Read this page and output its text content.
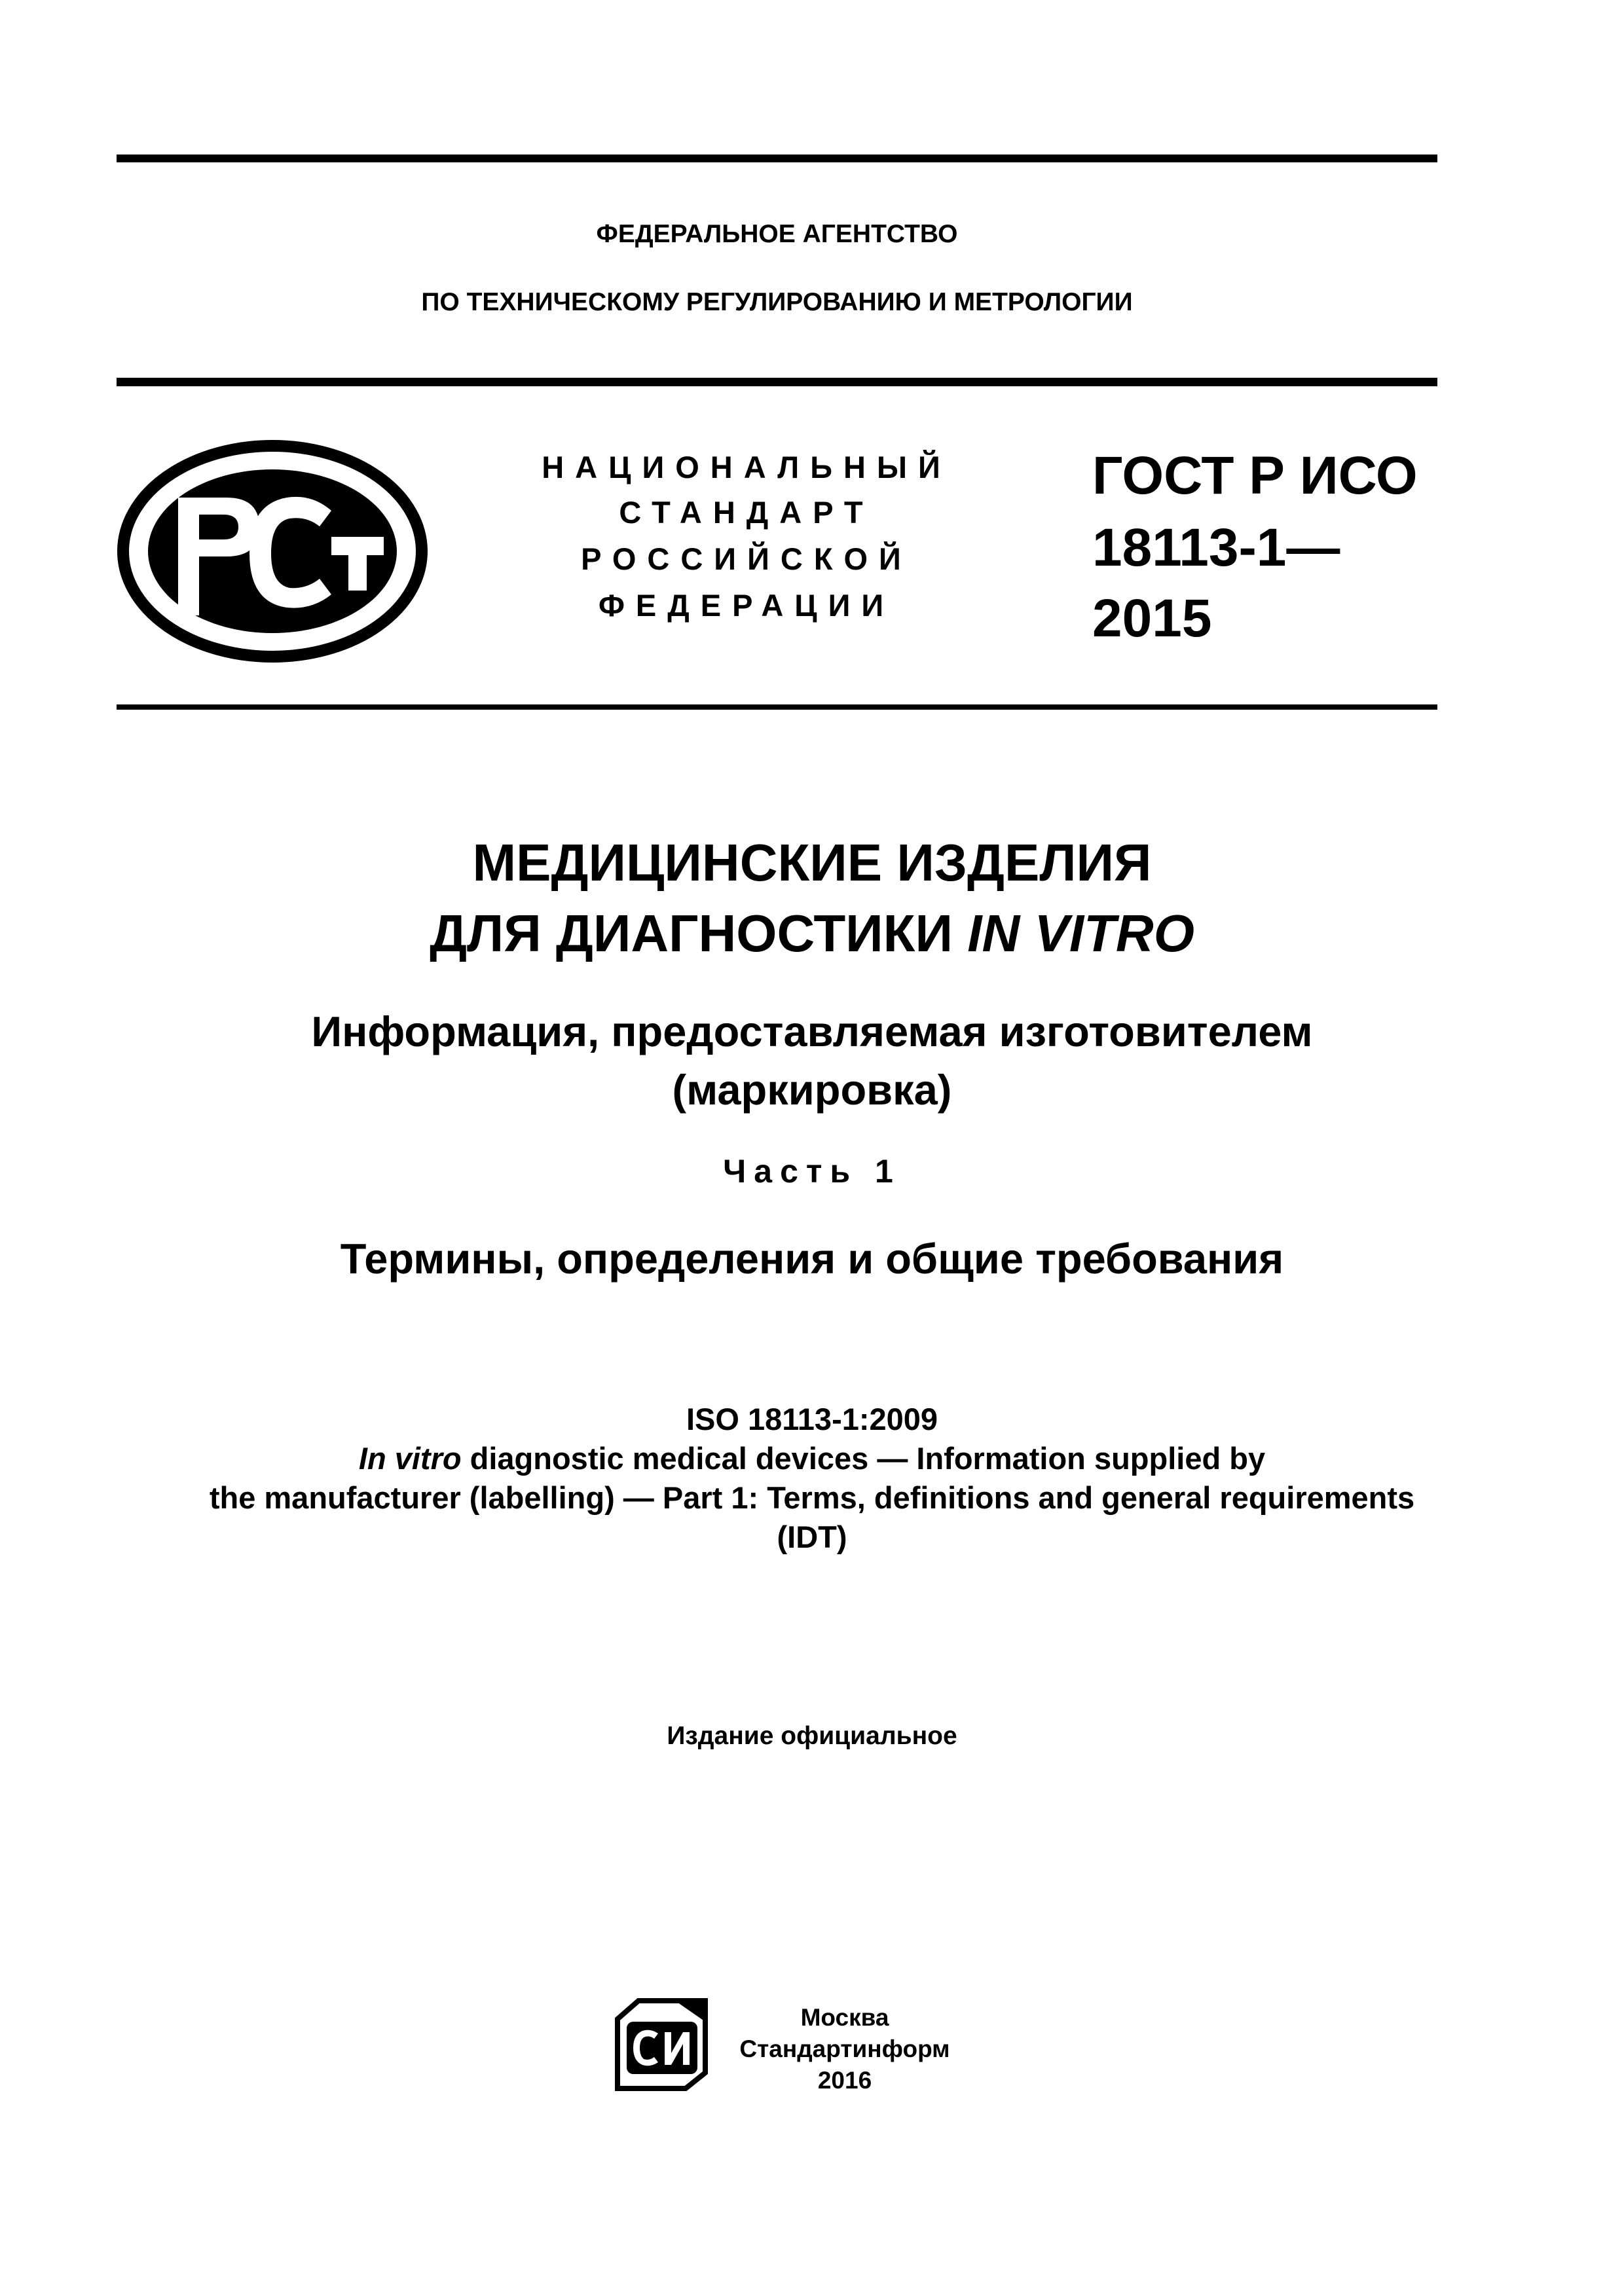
ФЕДЕРАЛЬНОЕ АГЕНТСТВО
ПО ТЕХНИЧЕСКОМУ РЕГУЛИРОВАНИЮ И МЕТРОЛОГИИ
НАЦИОНАЛЬНЫЙ
СТАНДАРТ
РОССИЙСКОЙ
ФЕДЕРАЦИИ
ГОСТ Р ИСО
18113-1—
2015
МЕДИЦИНСКИЕ ИЗДЕЛИЯ
ДЛЯ ДИАГНОСТИКИ IN VITRO
Информация, предоставляемая изготовителем
(маркировка)
Часть 1
Термины, определения и общие требования
ISO 18113-1:2009
In vitro diagnostic medical devices — Information supplied by
the manufacturer (labelling) — Part 1: Terms, definitions and general requirements
(IDT)
Издание официальное
Москва
Стандартинформ
2016
